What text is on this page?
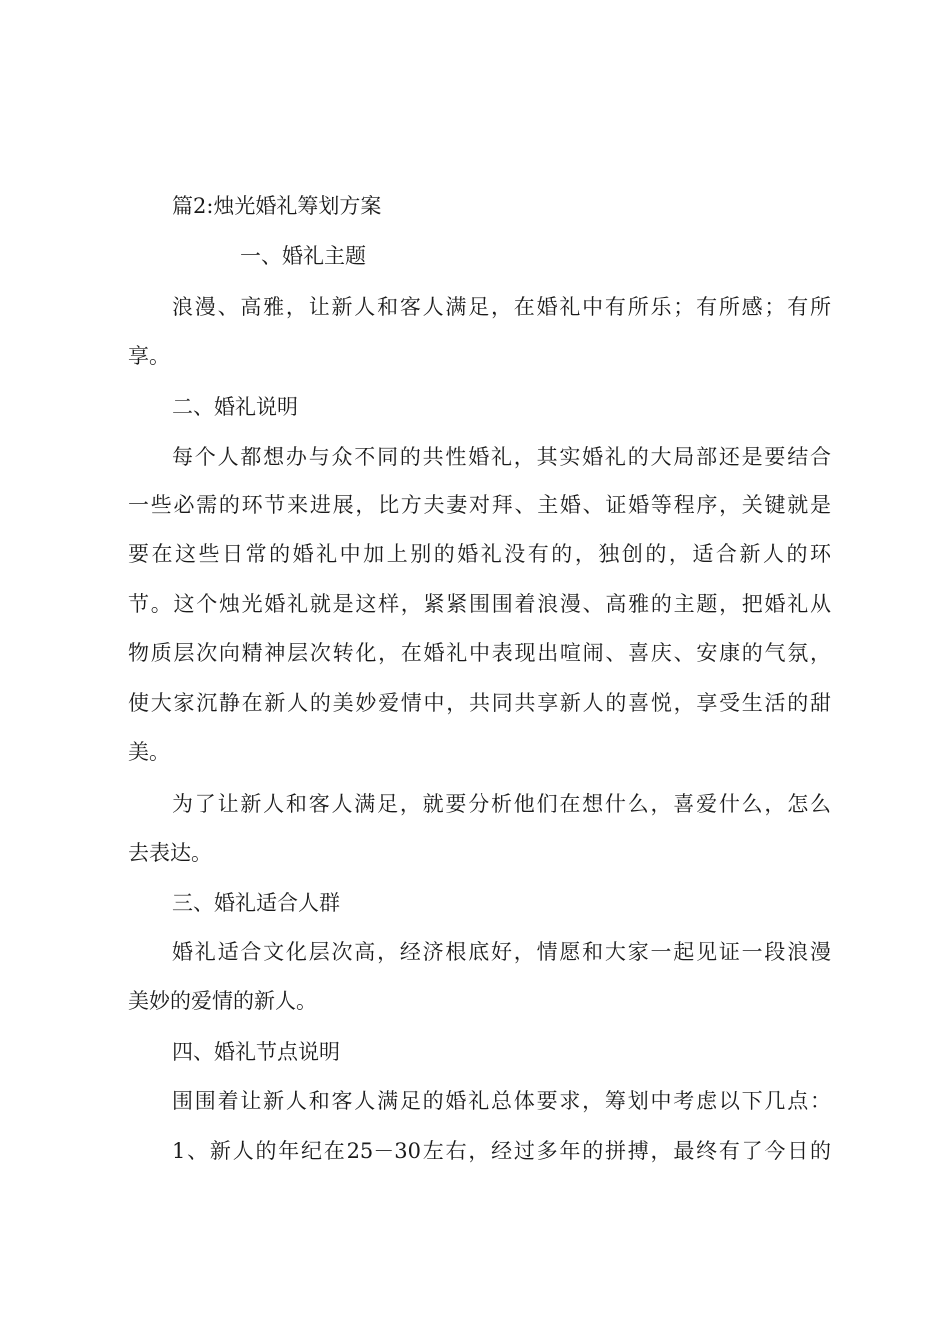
篇2:烛光婚礼筹划方案
一、婚礼主题
浪漫、高雅，让新人和客人满足，在婚礼中有所乐；有所感；有所
享。
二、婚礼说明
每个人都想办与众不同的共性婚礼，其实婚礼的大局部还是要结合
一些必需的环节来进展，比方夫妻对拜、主婚、证婚等程序，关键就是
要在这些日常的婚礼中加上别的婚礼没有的，独创的，适合新人的环
节。这个烛光婚礼就是这样，紧紧围围着浪漫、高雅的主题，把婚礼从
物质层次向精神层次转化，在婚礼中表现出喧闹、喜庆、安康的气氛，
使大家沉静在新人的美妙爱情中，共同共享新人的喜悦，享受生活的甜
美。
为了让新人和客人满足，就要分析他们在想什么，喜爱什么，怎么
去表达。
三、婚礼适合人群
婚礼适合文化层次高，经济根底好，情愿和大家一起见证一段浪漫
美妙的爱情的新人。
四、婚礼节点说明
围围着让新人和客人满足的婚礼总体要求，筹划中考虑以下几点：
1、新人的年纪在25－30左右，经过多年的拼搏，最终有了今日的
